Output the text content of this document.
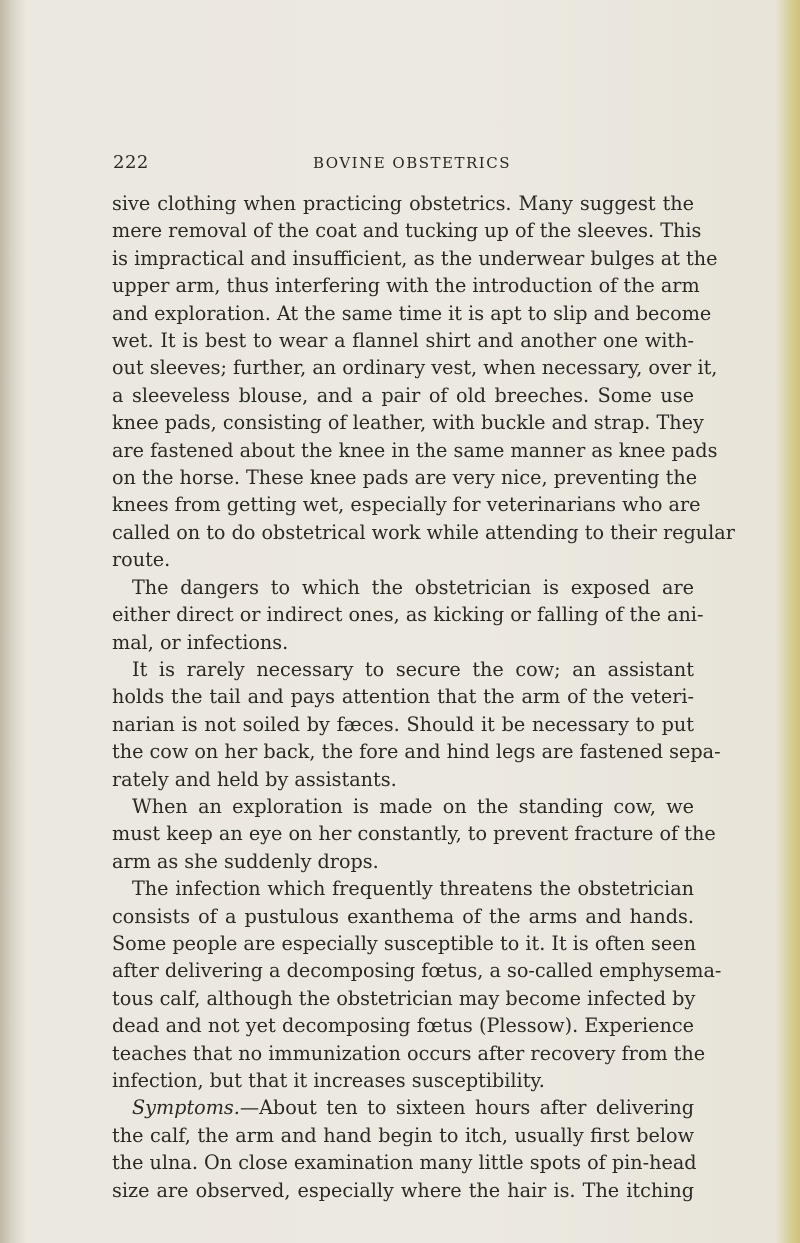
222	BOVINE OBSTETRICS
sive clothing when practicing obstetrics. Many suggest the
mere removal of the coat and tucking up of the sleeves. This
is impractical and insufficient, as the underwear bulges at the
upper arm, thus interfering with the introduction of the arm
and exploration. At the same time it is apt to slip and become
wet. It is best to wear a flannel shirt and another one with-
out sleeves; further, an ordinary vest, when necessary, over it,
a sleeveless blouse, and a pair of old breeches. Some use
knee pads, consisting of leather, with buckle and strap. They
are fastened about the knee in the same manner as knee pads
on the horse. These knee pads are very nice, preventing the
knees from getting wet, especially for veterinarians who are
called on to do obstetrical work while attending to their regular
route.
The dangers to which the obstetrician is exposed are
either direct or indirect ones, as kicking or falling of the ani-
mal, or infections.
It is rarely necessary to secure the cow; an assistant
holds the tail and pays attention that the arm of the veteri-
narian is not soiled by fæces. Should it be necessary to put
the cow on her back, the fore and hind legs are fastened sepa-
rately and held by assistants.
When an exploration is made on the standing cow, we
must keep an eye on her constantly, to prevent fracture of the
arm as she suddenly drops.
The infection which frequently threatens the obstetrician
consists of a pustulous exanthema of the arms and hands.
Some people are especially susceptible to it. It is often seen
after delivering a decomposing fœtus, a so-called emphysema-
tous calf, although the obstetrician may become infected by
dead and not yet decomposing fœtus (Plessow). Experience
teaches that no immunization occurs after recovery from the
infection, but that it increases susceptibility.
Symptoms.—About ten to sixteen hours after delivering
the calf, the arm and hand begin to itch, usually first below
the ulna. On close examination many little spots of pin-head
size are observed, especially where the hair is. The itching
